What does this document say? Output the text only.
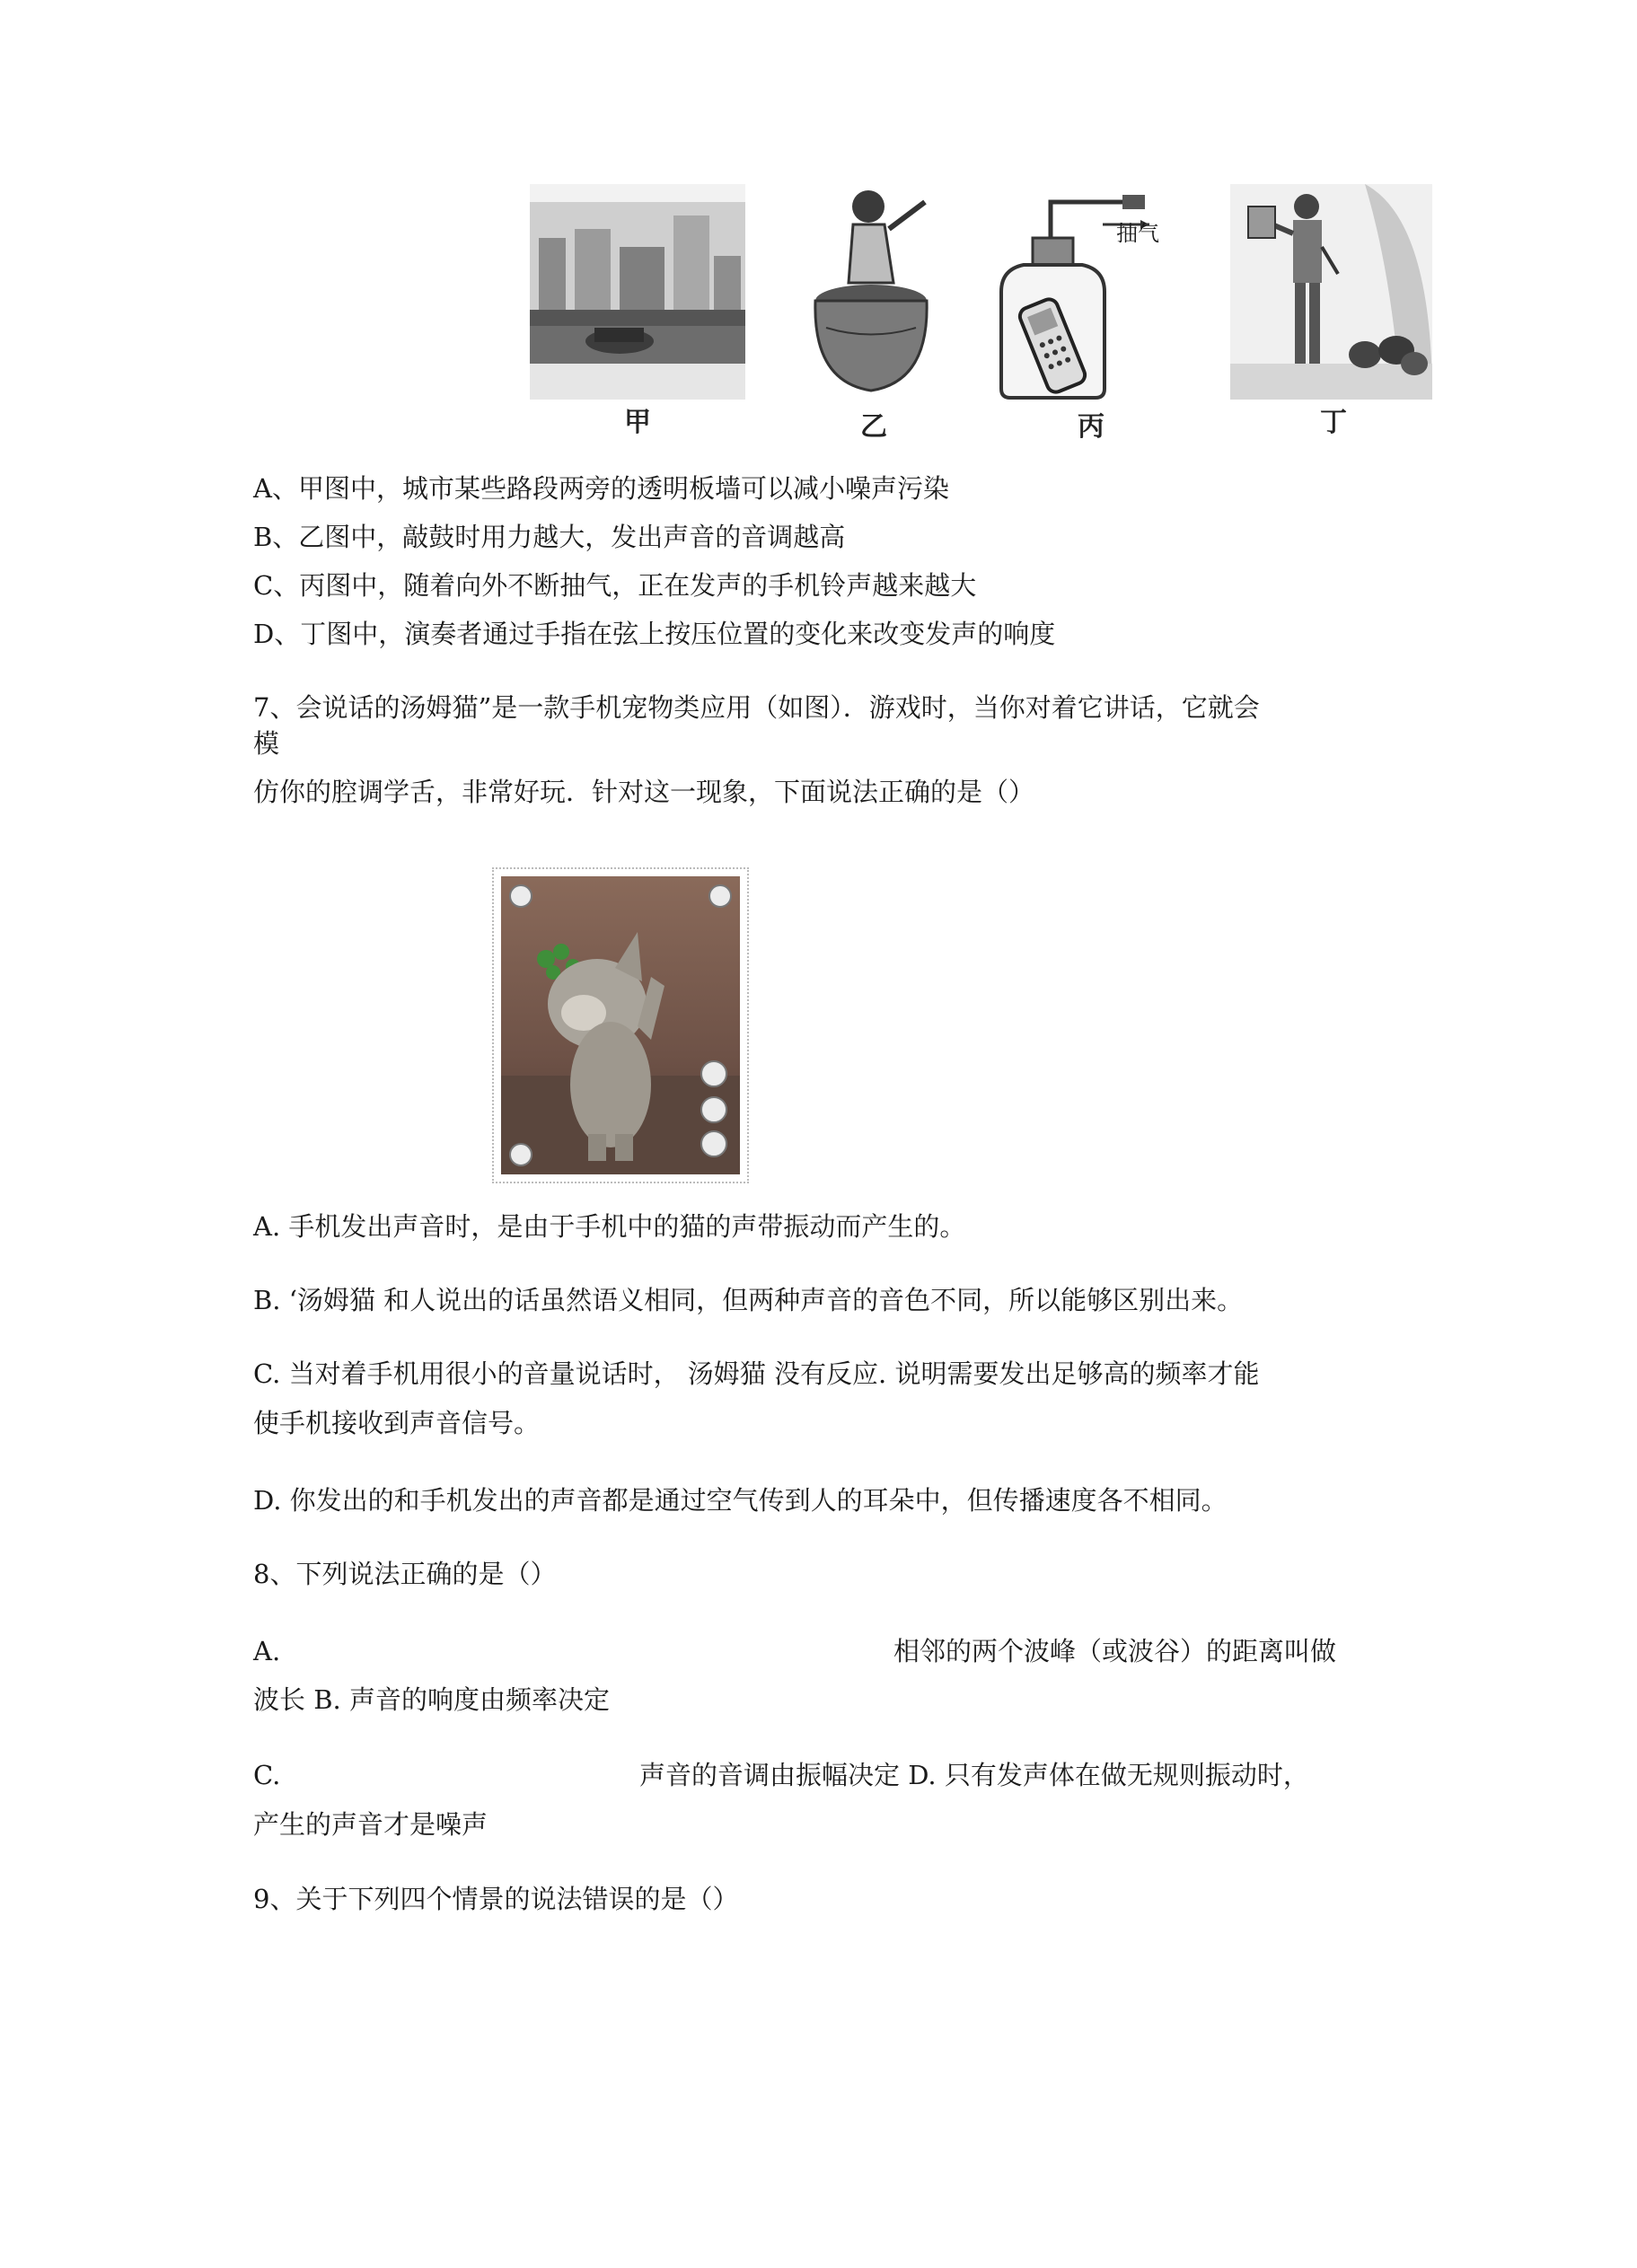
甲	乙
抽气
丙	丁
A、甲图中，城市某些路段两旁的透明板墙可以减小噪声污染
B、乙图中，敲鼓时用力越大，发出声音的音调越高
C、丙图中，随着向外不断抽气，正在发声的手机铃声越来越大
D、丁图中，演奏者通过手指在弦上按压位置的变化来改变发声的响度
7、会说话的汤姆猫”是一款手机宠物类应用（如图）．游戏时，当你对着它讲话，它就会
模
仿你的腔调学舌，非常好玩．针对这一现象，下面说法正确的是（）
A. 手机发出声音时，是由于手机中的猫的声带振动而产生的。
B. ‘汤姆猫 和人说出的话虽然语义相同，但两种声音的音色不同，所以能够区别出来。
C. 当对着手机用很小的音量说话时， 汤姆猫 没有反应. 说明需要发出足够高的频率才能
使手机接收到声音信号。
D. 你发出的和手机发出的声音都是通过空气传到人的耳朵中，但传播速度各不相同。
8、下列说法正确的是（）
A.	相邻的两个波峰（或波谷）的距离叫做
波长 B. 声音的响度由频率决定
C.	声音的音调由振幅决定 D. 只有发声体在做无规则振动时，
产生的声音才是噪声
9、关于下列四个情景的说法错误的是（）
